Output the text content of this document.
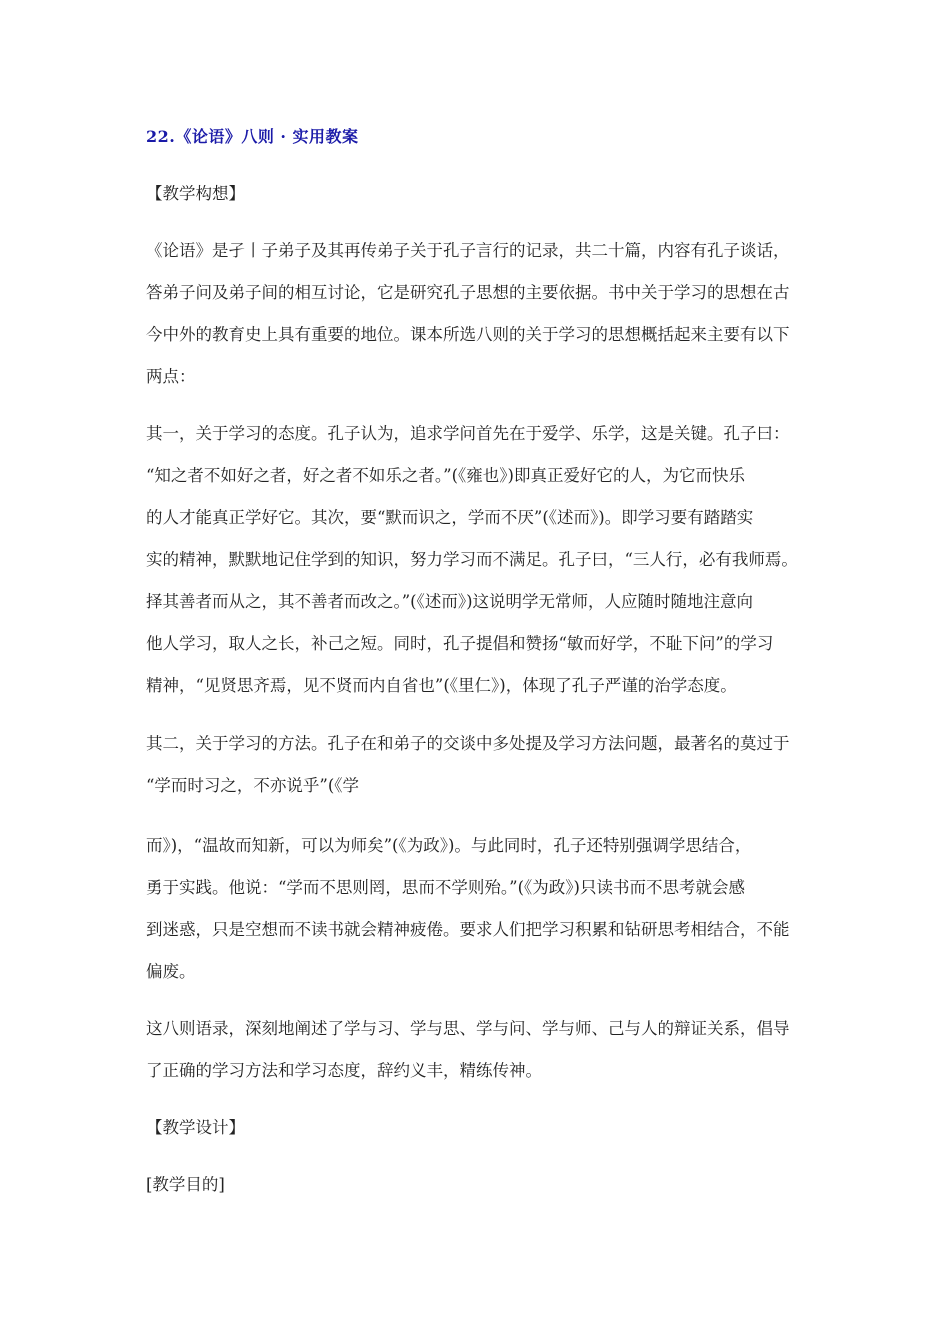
22.《论语》八则 · 实用教案
【教学构想】
《论语》是孑丨子弟子及其再传弟子关于孔子言行的记录，共二十篇，内容有孔子谈话，
答弟子问及弟子间的相互讨论，它是研究孔子思想的主要依据。书中关于学习的思想在古
今中外的教育史上具有重要的地位。课本所选八则的关于学习的思想概括起来主要有以下
两点：
其一，关于学习的态度。孔子认为，追求学问首先在于爱学、乐学，这是关键。孔子曰：
“知之者不如好之者，好之者不如乐之者。”(《雍也》)即真正爱好它的人，为它而快乐
的人才能真正学好它。其次，要“默而识之，学而不厌”(《述而》)。即学习要有踏踏实
实的精神，默默地记住学到的知识，努力学习而不满足。孔子曰，“三人行，必有我师焉。
择其善者而从之，其不善者而改之。”(《述而》)这说明学无常师，人应随时随地注意向
他人学习，取人之长，补己之短。同时，孔子提倡和赞扬“敏而好学，不耻下问”的学习
精神，“见贤思齐焉，见不贤而内自省也”(《里仁》)，体现了孔子严谨的治学态度。
其二，关于学习的方法。孔子在和弟子的交谈中多处提及学习方法问题，最著名的莫过于
“学而时习之，不亦说乎”(《学
而》)，“温故而知新，可以为师矣”(《为政》)。与此同时，孔子还特别强调学思结合，
勇于实践。他说：“学而不思则罔，思而不学则殆。”(《为政》)只读书而不思考就会感
到迷惑，只是空想而不读书就会精神疲倦。要求人们把学习积累和钻研思考相结合，不能
偏废。
这八则语录，深刻地阐述了学与习、学与思、学与问、学与师、己与人的辩证关系，倡导
了正确的学习方法和学习态度，辞约义丰，精练传神。
【教学设计】
[教学目的]
